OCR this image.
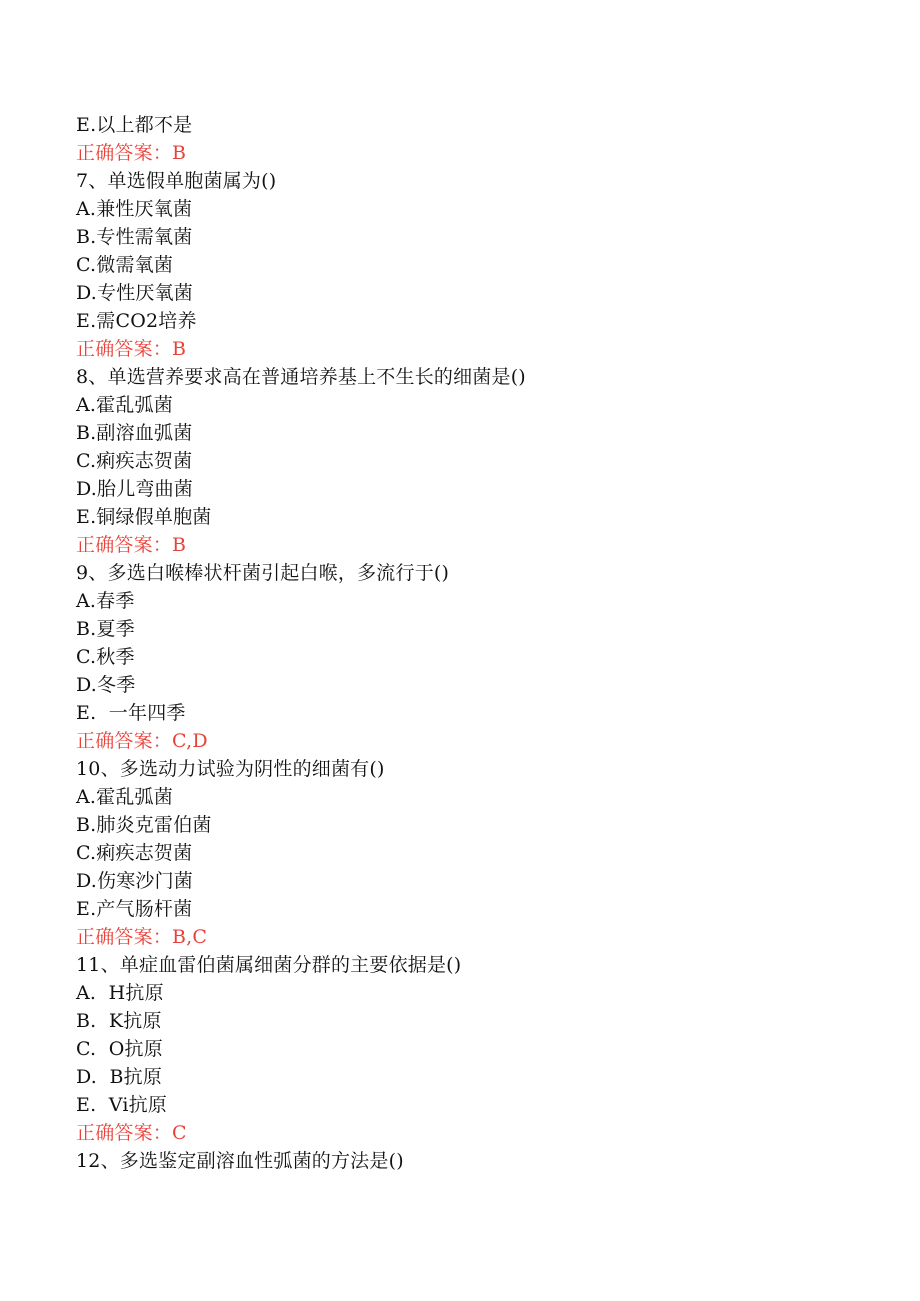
E.以上都不是
正确答案：B
7、单选假单胞菌属为()
A.兼性厌氧菌
B.专性需氧菌
C.微需氧菌
D.专性厌氧菌
E.需CO2培养
正确答案：B
8、单选营养要求高在普通培养基上不生长的细菌是()
A.霍乱弧菌
B.副溶血弧菌
C.痢疾志贺菌
D.胎儿弯曲菌
E.铜绿假单胞菌
正确答案：B
9、多选白喉棒状杆菌引起白喉，多流行于()
A.春季
B.夏季
C.秋季
D.冬季
E.  一年四季
正确答案：C,D
10、多选动力试验为阴性的细菌有()
A.霍乱弧菌
B.肺炎克雷伯菌
C.痢疾志贺菌
D.伤寒沙门菌
E.产气肠杆菌
正确答案：B,C
11、单症血雷伯菌属细菌分群的主要依据是()
A.  H抗原
B.  K抗原
C.  O抗原
D.  B抗原
E.  Vi抗原
正确答案：C
12、多选鉴定副溶血性弧菌的方法是()
